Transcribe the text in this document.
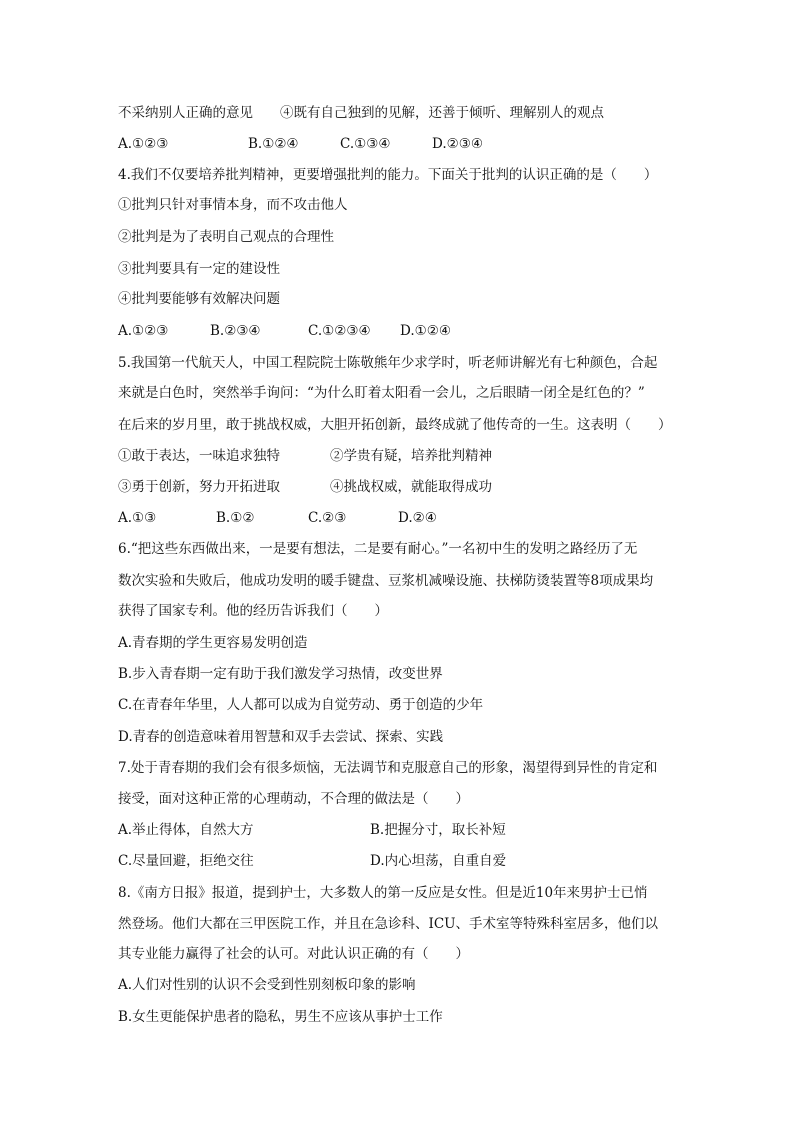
不采纳别人正确的意见　　④既有自己独到的见解，还善于倾听、理解别人的观点
A.①②③	B.①②④	C.①③④	D.②③④
4.我们不仅要培养批判精神，更要增强批判的能力。下面关于批判的认识正确的是（　　）
①批判只针对事情本身，而不攻击他人
②批判是为了表明自己观点的合理性
③批判要具有一定的建设性
④批判要能够有效解决问题
A.①②③	B.②③④	C.①②③④ D.①②④
5.我国第一代航天人，中国工程院院士陈敬熊年少求学时，听老师讲解光有七种颜色，合起
来就是白色时，突然举手询问：“为什么盯着太阳看一会儿，之后眼睛一闭全是红色的？”
在后来的岁月里，敢于挑战权威，大胆开拓创新，最终成就了他传奇的一生。这表明（　　）
①敢于表达，一味追求独特	②学贵有疑，培养批判精神
③勇于创新，努力开拓进取	④挑战权威，就能取得成功
A.①③	B.①②	C.②③	D.②④
6.“把这些东西做出来，一是要有想法，二是要有耐心。”一名初中生的发明之路经历了无
数次实验和失败后，他成功发明的暖手键盘、豆浆机减噪设施、扶梯防烫装置等8项成果均
获得了国家专利。他的经历告诉我们（　　）
A.青春期的学生更容易发明创造
B.步入青春期一定有助于我们激发学习热情，改变世界
C.在青春年华里，人人都可以成为自觉劳动、勇于创造的少年
D.青春的创造意味着用智慧和双手去尝试、探索、实践
7.处于青春期的我们会有很多烦恼，无法调节和克服意自己的形象，渴望得到异性的肯定和
接受，面对这种正常的心理萌动，不合理的做法是（　　）
A.举止得体，自然大方	B.把握分寸，取长补短
C.尽量回避，拒绝交往	D.内心坦荡，自重自爱
8.《南方日报》报道，提到护士，大多数人的第一反应是女性。但是近10年来男护士已悄
然登场。他们大都在三甲医院工作，并且在急诊科、ICU、手术室等特殊科室居多，他们以
其专业能力赢得了社会的认可。对此认识正确的有（　　）
A.人们对性别的认识不会受到性别刻板印象的影响
B.女生更能保护患者的隐私，男生不应该从事护士工作
